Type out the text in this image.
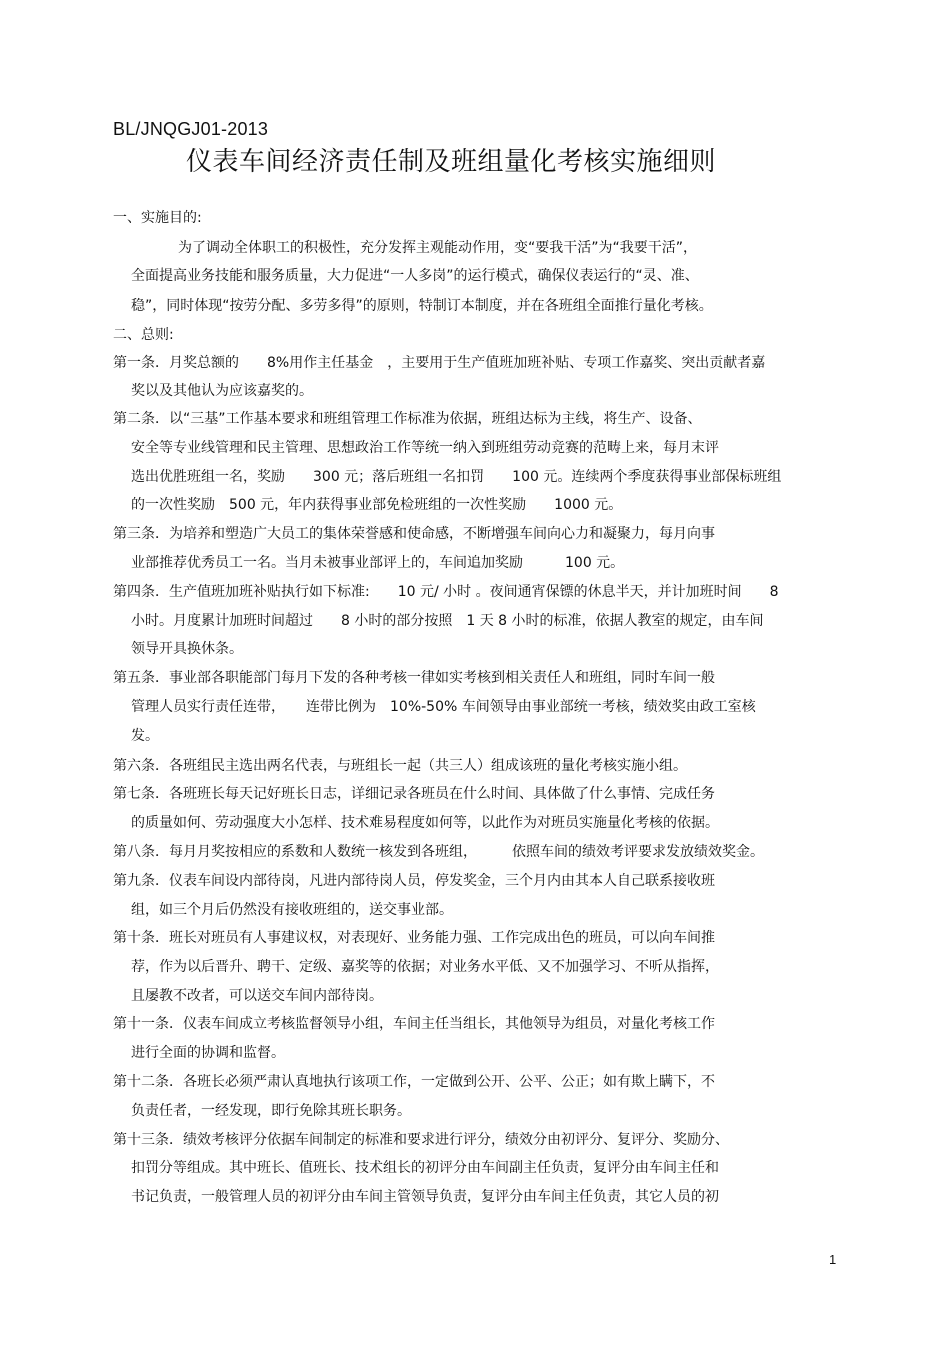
BL/JNQGJ01-2013
仪表车间经济责任制及班组量化考核实施细则
一、实施目的:
为了调动全体职工的积极性，充分发挥主观能动作用，变“要我干活”为“我要干活”，
全面提高业务技能和服务质量，大力促进“一人多岗”的运行模式，确保仪表运行的“灵、准、
稳”，同时体现“按劳分配、多劳多得”的原则，特制订本制度，并在各班组全面推行量化考核。
二、总则:
第一条．月奖总额的　　8%用作主任基金　，主要用于生产值班加班补贴、专项工作嘉奖、突出贡献者嘉
奖以及其他认为应该嘉奖的。
第二条．以“三基”工作基本要求和班组管理工作标准为依据，班组达标为主线，将生产、设备、
安全等专业线管理和民主管理、思想政治工作等统一纳入到班组劳动竞赛的范畴上来，每月末评
选出优胜班组一名，奖励　　300 元；落后班组一名扣罚　　100 元。连续两个季度获得事业部保标班组
的一次性奖励　500 元，年内获得事业部免检班组的一次性奖励　　1000 元。
第三条．为培养和塑造广大员工的集体荣誉感和使命感，不断增强车间向心力和凝聚力，每月向事
业部推荐优秀员工一名。当月未被事业部评上的，车间追加奖励　　　100 元。
第四条．生产值班加班补贴执行如下标准:　　10 元/ 小时 。夜间通宵保镖的休息半天，并计加班时间　　8
小时。月度累计加班时间超过　　8 小时的部分按照　1 天 8 小时的标准，依据人教室的规定，由车间
领导开具换休条。
第五条．事业部各职能部门每月下发的各种考核一律如实考核到相关责任人和班组，同时车间一般
管理人员实行责任连带，　　连带比例为　10%-50% 车间领导由事业部统一考核，绩效奖由政工室核
发。
第六条．各班组民主选出两名代表，与班组长一起（共三人）组成该班的量化考核实施小组。
第七条．各班班长每天记好班长日志，详细记录各班员在什么时间、具体做了什么事情、完成任务
的质量如何、劳动强度大小怎样、技术难易程度如何等，以此作为对班员实施量化考核的依据。
第八条．每月月奖按相应的系数和人数统一核发到各班组，　　　依照车间的绩效考评要求发放绩效奖金。
第九条．仪表车间设内部待岗，凡进内部待岗人员，停发奖金，三个月内由其本人自己联系接收班
组，如三个月后仍然没有接收班组的，送交事业部。
第十条．班长对班员有人事建议权，对表现好、业务能力强、工作完成出色的班员，可以向车间推
荐，作为以后晋升、聘干、定级、嘉奖等的依据；对业务水平低、又不加强学习、不听从指挥，
且屡教不改者，可以送交车间内部待岗。
第十一条．仪表车间成立考核监督领导小组，车间主任当组长，其他领导为组员，对量化考核工作
进行全面的协调和监督。
第十二条．各班长必须严肃认真地执行该项工作，一定做到公开、公平、公正；如有欺上瞒下，不
负责任者，一经发现，即行免除其班长职务。
第十三条．绩效考核评分依据车间制定的标准和要求进行评分，绩效分由初评分、复评分、奖励分、
扣罚分等组成。其中班长、值班长、技术组长的初评分由车间副主任负责，复评分由车间主任和
书记负责，一般管理人员的初评分由车间主管领导负责，复评分由车间主任负责，其它人员的初
1
